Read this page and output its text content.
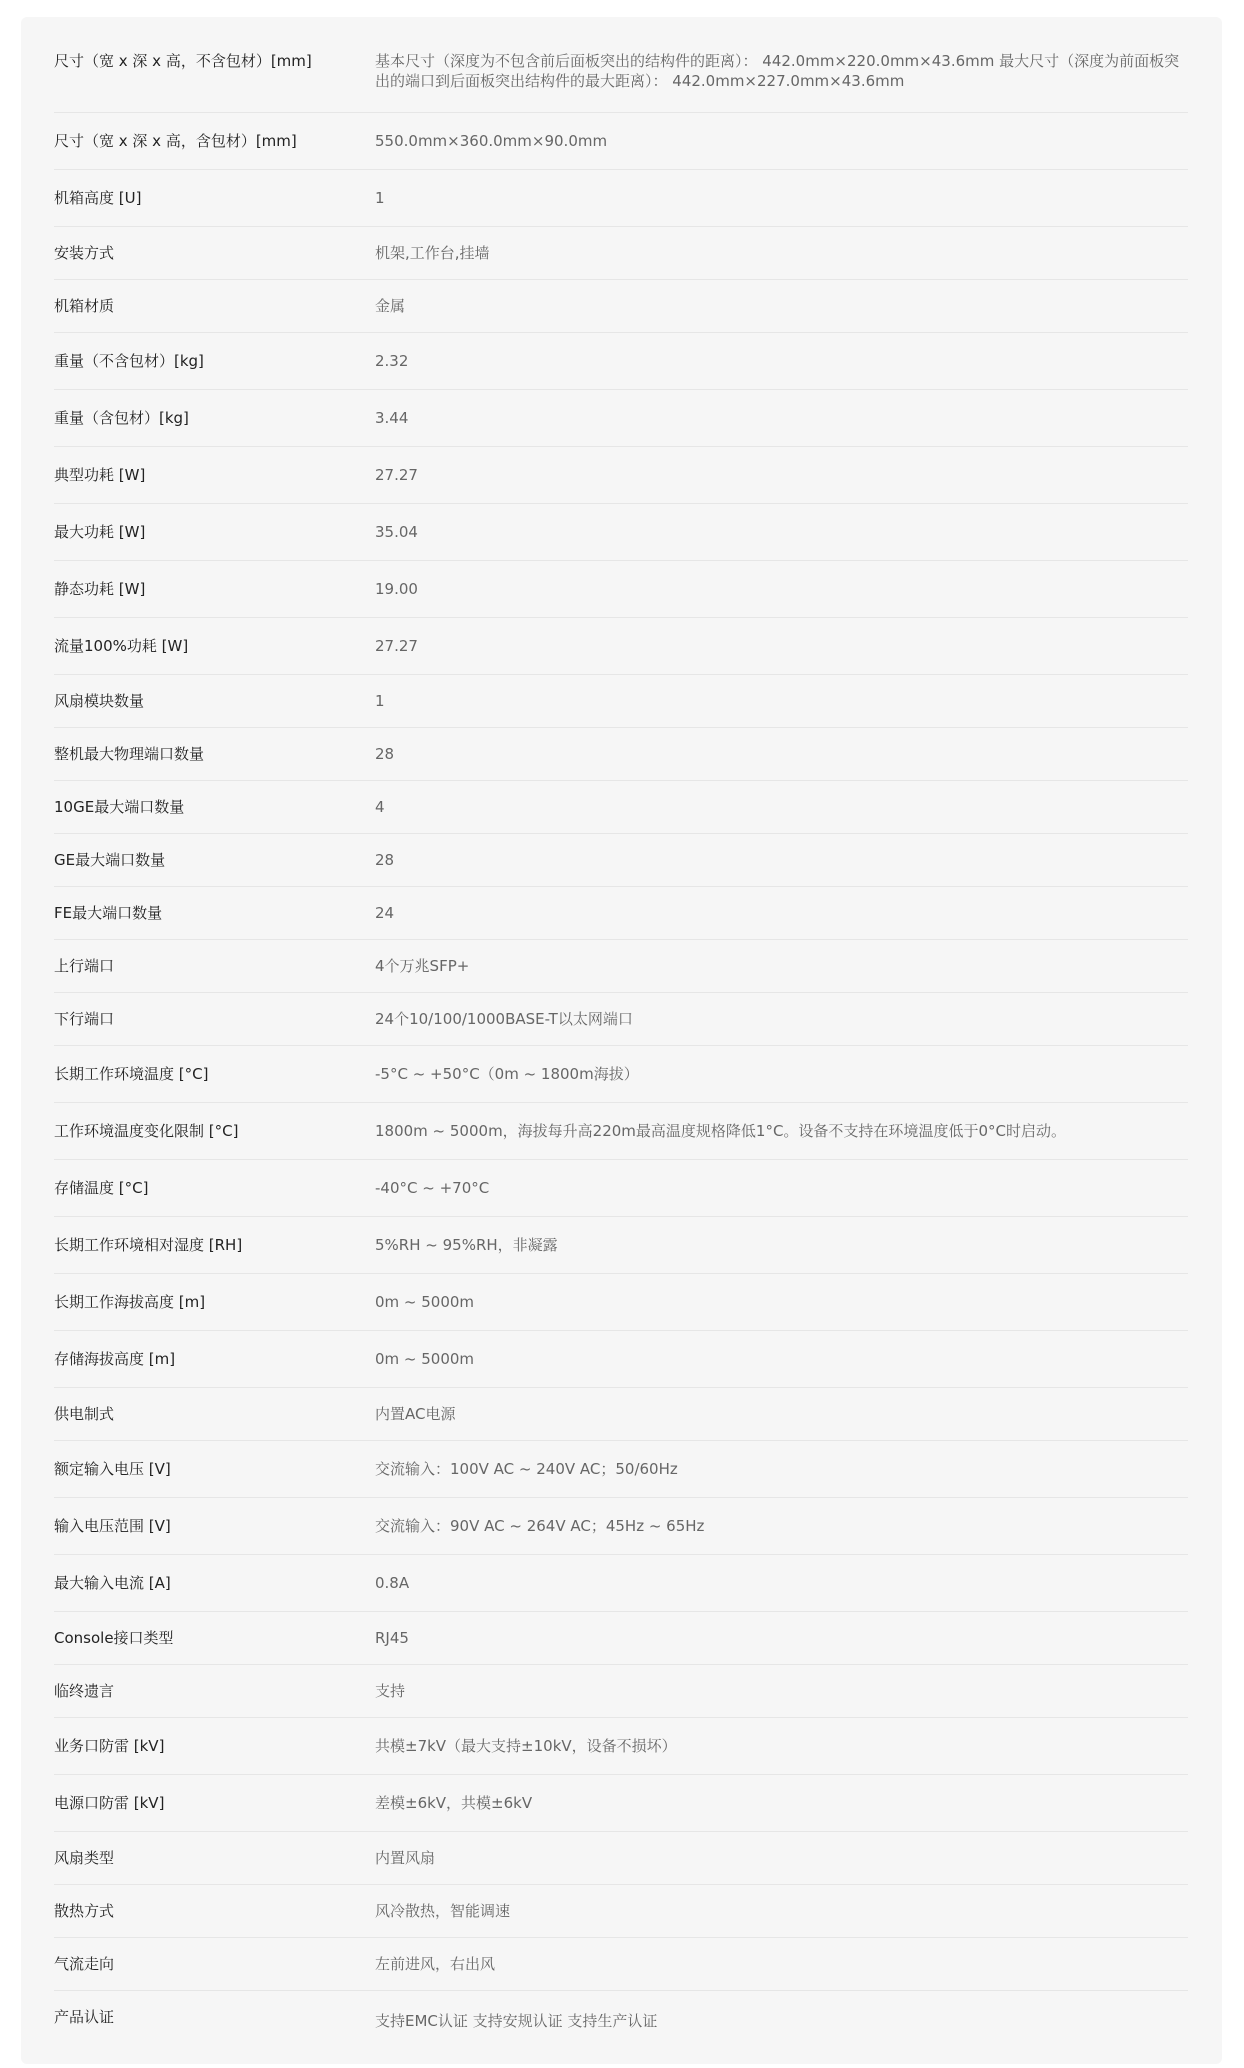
尺寸（宽 x 深 x 高，不含包材）[mm]	基本尺寸（深度为不包含前后面板突出的结构件的距离）： 442.0mm×220.0mm×43.6mm 最大尺寸（深度为前面板突出的端口到后面板突出结构件的最大距离）： 442.0mm×227.0mm×43.6mm
尺寸（宽 x 深 x 高，含包材）[mm]	550.0mm×360.0mm×90.0mm
机箱高度 [U]	1
安装方式	机架,工作台,挂墙
机箱材质	金属
重量（不含包材）[kg]	2.32
重量（含包材）[kg]	3.44
典型功耗 [W]	27.27
最大功耗 [W]	35.04
静态功耗 [W]	19.00
流量100%功耗 [W]	27.27
风扇模块数量	1
整机最大物理端口数量	28
10GE最大端口数量	4
GE最大端口数量	28
FE最大端口数量	24
上行端口	4个万兆SFP+
下行端口	24个10/100/1000BASE-T以太网端口
长期工作环境温度 [°C]	-5°C ~ +50°C（0m ~ 1800m海拔）
工作环境温度变化限制 [°C]	1800m ~ 5000m，海拔每升高220m最高温度规格降低1°C。设备不支持在环境温度低于0°C时启动。
存储温度 [°C]	-40°C ~ +70°C
长期工作环境相对湿度 [RH]	5%RH ~ 95%RH，非凝露
长期工作海拔高度 [m]	0m ~ 5000m
存储海拔高度 [m]	0m ~ 5000m
供电制式	内置AC电源
额定输入电压 [V]	交流输入：100V AC ~ 240V AC；50/60Hz
输入电压范围 [V]	交流输入：90V AC ~ 264V AC；45Hz ~ 65Hz
最大输入电流 [A]	0.8A
Console接口类型	RJ45
临终遗言	支持
业务口防雷 [kV]	共模±7kV（最大支持±10kV，设备不损坏）
电源口防雷 [kV]	差模±6kV，共模±6kV
风扇类型	内置风扇
散热方式	风冷散热，智能调速
气流走向	左前进风，右出风
产品认证	支持EMC认证 支持安规认证 支持生产认证
